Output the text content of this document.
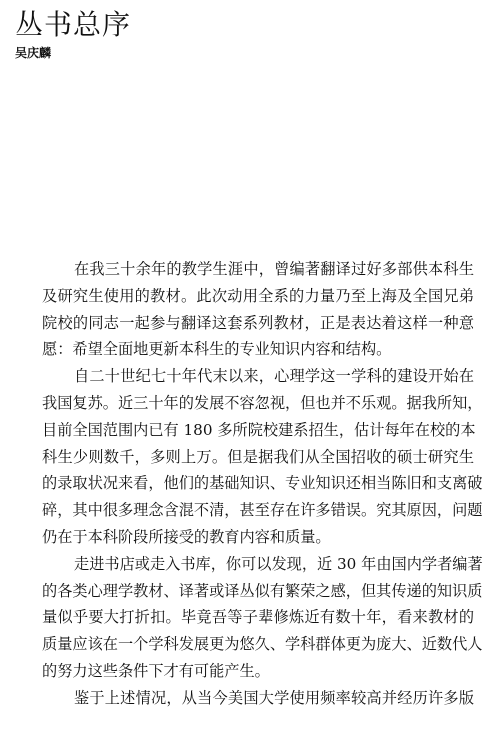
丛书总序
吴庆麟
在我三十余年的教学生涯中，曾编著翻译过好多部供本科生
及研究生使用的教材。此次动用全系的力量乃至上海及全国兄弟
院校的同志一起参与翻译这套系列教材，正是表达着这样一种意
愿：希望全面地更新本科生的专业知识内容和结构。
自二十世纪七十年代末以来，心理学这一学科的建设开始在
我国复苏。近三十年的发展不容忽视，但也并不乐观。据我所知，
目前全国范围内已有 180 多所院校建系招生，估计每年在校的本
科生少则数千，多则上万。但是据我们从全国招收的硕士研究生
的录取状况来看，他们的基础知识、专业知识还相当陈旧和支离破
碎，其中很多理念含混不清，甚至存在许多错误。究其原因，问题
仍在于本科阶段所接受的教育内容和质量。
走进书店或走入书库，你可以发现，近 30 年由国内学者编著
的各类心理学教材、译著或译丛似有繁荣之感，但其传递的知识质
量似乎要大打折扣。毕竟吾等子辈修炼近有数十年，看来教材的
质量应该在一个学科发展更为悠久、学科群体更为庞大、近数代人
的努力这些条件下才有可能产生。
鉴于上述情况，从当今美国大学使用频率较高并经历许多版
